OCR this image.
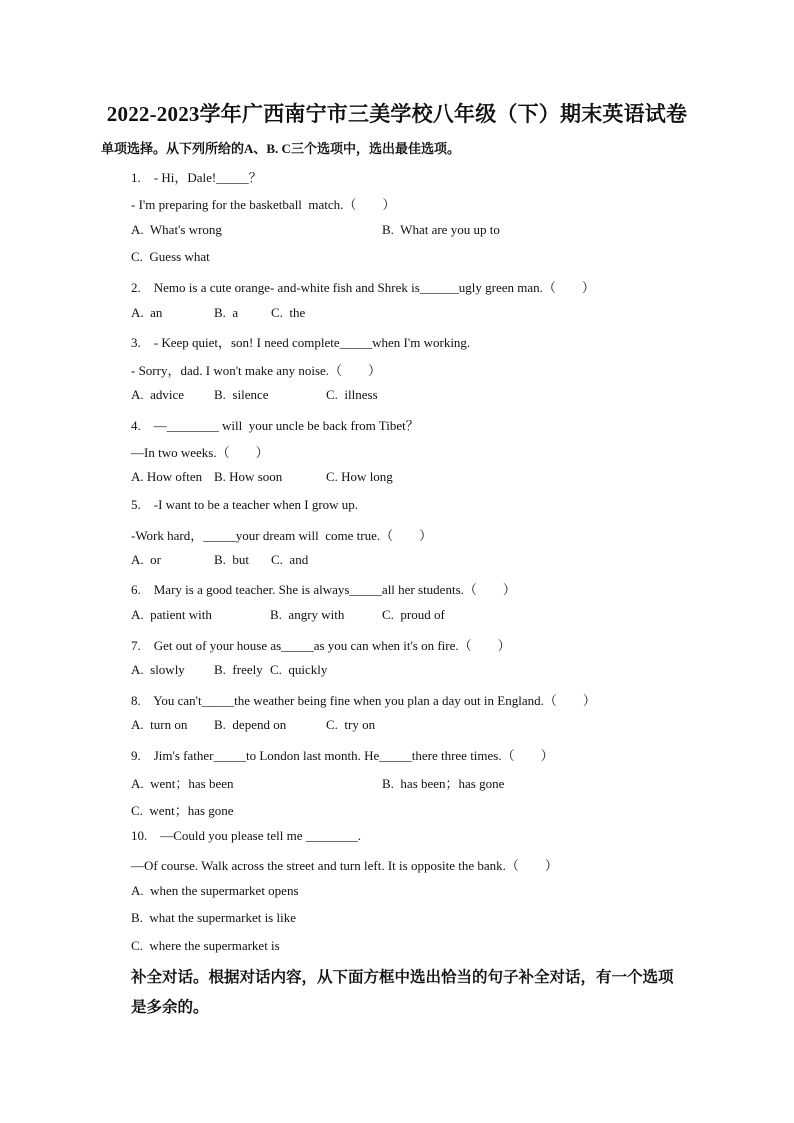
2022-2023学年广西南宁市三美学校八年级（下）期末英语试卷
单项选择。从下列所给的A、B. C三个选项中，选出最佳选项。
1.    - Hi，Dale!_____？
- I'm preparing for the basketball  match.（        ）
A.  What's wrong	B.  What are you up to
C.  Guess what
2.    Nemo is a cute orange- and-white fish and Shrek is______ugly green man.（        ）
A.  an	B.  a	C.  the
3.    - Keep quiet，son! I need complete_____when I'm working.
- Sorry，dad. I won't make any noise.（        ）
A.  advice B.  silence	C.  illness
4.    —________ will  your uncle be back from Tibet？
—In two weeks.（        ）
A. How often B. How soon	C. How long
5.    -I want to be a teacher when I grow up.
-Work hard，_____your dream will  come true.（        ）
A.  or	B.  but C.  and
6.    Mary is a good teacher. She is always_____all her students.（        ）
A.  patient with	B.  angry with	C.  proud of
7.    Get out of your house as_____as you can when it's on fire.（        ）
A.  slowly B.  freely C.  quickly
8.    You can't_____the weather being fine when you plan a day out in England.（        ）
A.  turn on B.  depend on	C.  try on
9.    Jim's father_____to London last month. He_____there three times.（        ）
A.  went；has been	B.  has been；has gone
C.  went；has gone
10.    —Could you please tell me ________.
—Of course. Walk across the street and turn left. It is opposite the bank.（        ）
A.  when the supermarket opens
B.  what the supermarket is like
C.  where the supermarket is
补全对话。根据对话内容，从下面方框中选出恰当的句子补全对话，有一个选项
是多余的。
